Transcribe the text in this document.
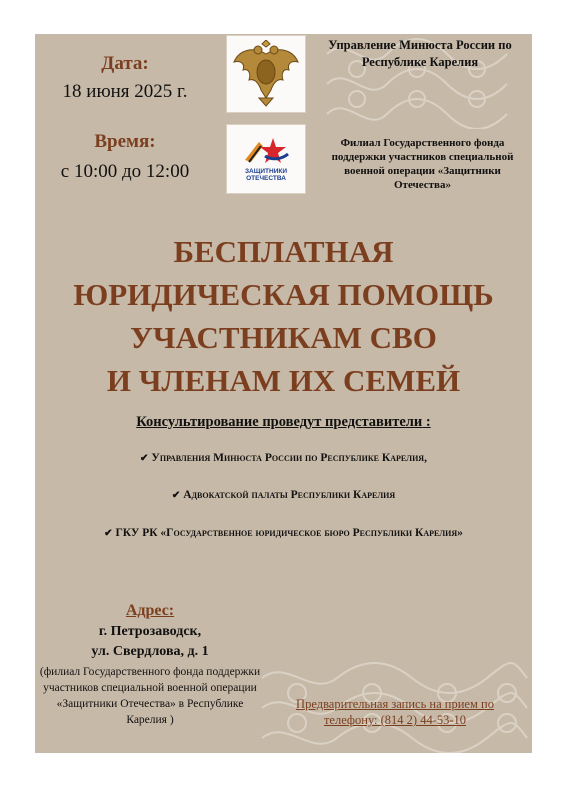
Дата:
18 июня 2025 г.
Время:
с 10:00 до 12:00	ЗАЩИТНИКИ ОТЕЧЕСТВА
Управление Минюста России по Республике Карелия
Филиал Государственного фонда поддержки участников специальной военной операции «Защитники Отечества»
БЕСПЛАТНАЯ
ЮРИДИЧЕСКАЯ ПОМОЩЬ
УЧАСТНИКАМ СВО
И ЧЛЕНАМ ИХ СЕМЕЙ
Консультирование проведут представители :
✔ Управления Минюста России по Республике Карелия,
✔ Адвокатской палаты Республики Карелия
✔ ГКУ РК «Государственное юридическое бюро Республики Карелия»
Адрес:
г. Петрозаводск,
ул. Свердлова, д. 1
(филиал Государственного фонда поддержки участников специальной военной операции «Защитники Отечества» в Республике Карелия )
Предварительная запись на прием по телефону: (814 2) 44-53-10
